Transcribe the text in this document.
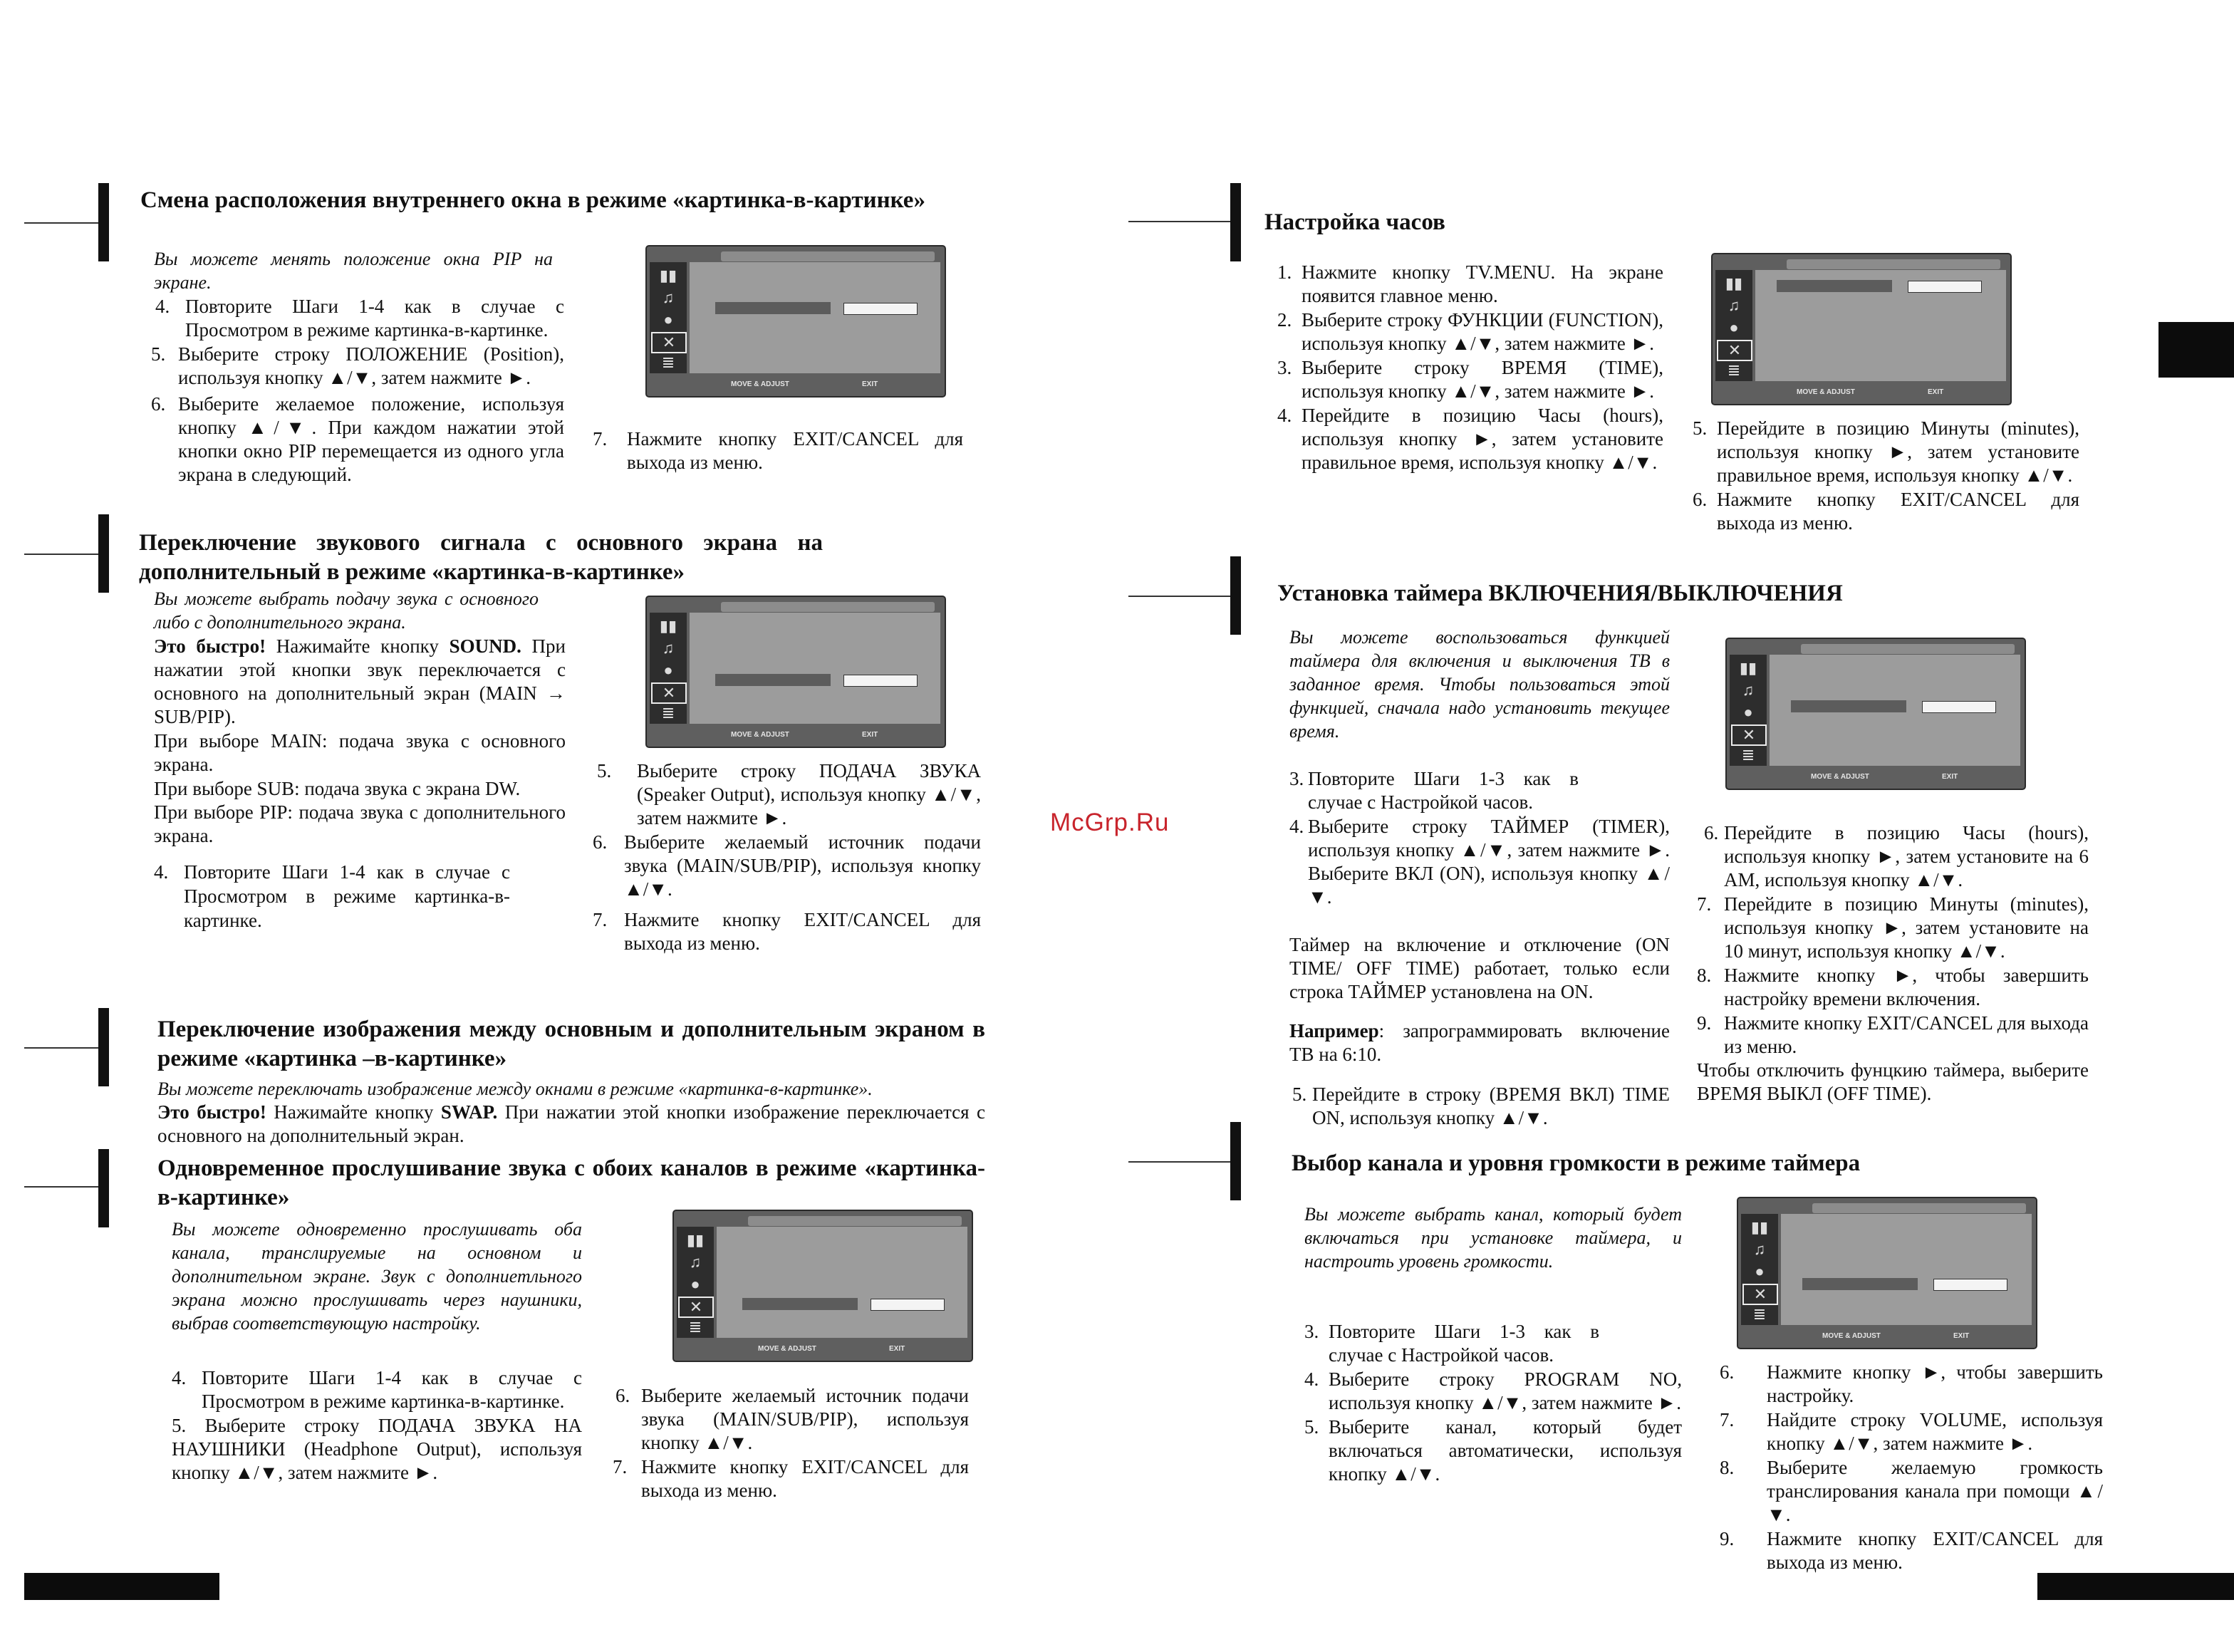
McGrp.Ru
Смена расположения внутреннего окна в режиме «картинка-в-картинке»

Вы можете менять положение окна PIP на экране.

4. Повторите Шаги 1-4 как в случае с Просмотром в режиме картинка-в-картинке.
5. Выберите строку ПОЛОЖЕНИЕ (Position), используя кнопку ▲/▼, затем нажмите ►.
6. Выберите желаемое положение, используя кнопку ▲/▼. При каждом нажатии этой кнопки окно PIP перемещается из одного угла экрана в следующий.
▮▮
♫
●
✕
≣
MOVE & ADJUST	EXIT
7. Нажмите кнопку EXIT/CANCEL для выхода из меню.
Переключение звукового сигнала с основного экрана на дополнительный в режиме «картинка-в-картинке»

Вы можете выбрать подачу звука с основного либо с дополнительного экрана.

Это быстро! Нажимайте кнопку SOUND. При нажатии этой кнопки звук переключается с основного на дополнительный экран (MAIN → SUB/PIP).

При выборе MAIN: подача звука с основного экрана.

При выборе SUB: подача звука с экрана DW.

При выборе PIP: подача звука с дополнительного экрана.

4. Повторите Шаги 1-4 как в случае с Просмотром в режиме картинка-в-картинке.
▮▮
♫
●
✕
≣
MOVE & ADJUST	EXIT
5. Выберите строку ПОДАЧА ЗВУКА (Speaker Output), используя кнопку ▲/▼, затем нажмите ►.
6. Выберите желаемый источник подачи звука (MAIN/SUB/PIP), используя кнопку ▲/▼.
7. Нажмите кнопку EXIT/CANCEL для выхода из меню.
Переключение изображения между основным и дополнительным экраном в режиме «картинка –в-картинке»

Вы можете переключать изображение между окнами в режиме «картинка-в-картинке».

Это быстро! Нажимайте кнопку SWAP. При нажатии этой кнопки изображение переключается с основного на дополнительный экран.

Одновременное прослушивание звука с обоих каналов в режиме «картинка-в-картинке»

Вы можете одновременно прослушивать оба канала, транслируемые на основном и дополнительном экране. Звук с дополниетльного экрана можно прослушивать через наушники, выбрав соответствующую настройку.

4. Повторите Шаги 1-4 как в случае с Просмотром в режиме картинка-в-картинке.
5. Выберите строку ПОДАЧА ЗВУКА НА НАУШНИКИ (Headphone Output), используя кнопку ▲/▼, затем нажмите ►.
▮▮
♫
●
✕
≣
MOVE & ADJUST	EXIT
6. Выберите желаемый источник подачи звука (MAIN/SUB/PIP), используя кнопку ▲/▼.
7. Нажмите кнопку EXIT/CANCEL для выхода из меню.
Настройка часов
1. Нажмите кнопку TV.MENU. На экране появится главное меню.
2. Выберите строку ФУНКЦИИ (FUNCTION), используя кнопку ▲/▼, затем нажмите ►.
3. Выберите строку ВРЕМЯ (TIME), используя кнопку ▲/▼, затем нажмите ►.
4. Перейдите в позицию Часы (hours), используя кнопку ►, затем установите правильное время, используя кнопку ▲/▼.
▮▮
♫
●
✕
≣
MOVE & ADJUST	EXIT
5. Перейдите в позицию Минуты (minutes), используя кнопку ►, затем установите правильное время, используя кнопку ▲/▼.
6. Нажмите кнопку EXIT/CANCEL для выхода из меню.
Установка таймера ВКЛЮЧЕНИЯ/ВЫКЛЮЧЕНИЯ

Вы можете воспользоваться функцией таймера для включения и выключения ТВ в заданное время. Чтобы пользоваться этой функцией, сначала надо установить текущее время.

▮▮
♫
●
✕
≣
MOVE & ADJUST	EXIT
3. Повторите Шаги 1-3 как в случае с Настройкой часов.
4. Выберите строку ТАЙМЕР (TIMER), используя кнопку ▲/▼, затем нажмите ►. Выберите ВКЛ (ON), используя кнопку ▲/▼.

Таймер на включение и отключение (ON TIME/ OFF TIME) работает, только если строка ТАЙМЕР установлена на ON.

Например: запрограммировать включение ТВ на 6:10.

5. Перейдите в строку (ВРЕМЯ ВКЛ) TIME ON, используя кнопку ▲/▼.
6. Перейдите в позицию Часы (hours), используя кнопку ►, затем установите на 6 AM, используя кнопку ▲/▼.
7. Перейдите в позицию Минуты (minutes), используя кнопку ►, затем установите на 10 минут, используя кнопку ▲/▼.
8. Нажмите кнопку ►, чтобы завершить настройку времени включения.
9. Нажмите кнопку EXIT/CANCEL для выхода из меню.

Чтобы отключить фунцкию таймера, выберите ВРЕМЯ ВЫКЛ (OFF TIME).

Выбор канала и уровня громкости в режиме таймера

Вы можете выбрать канал, который будет включаться при установке таймера, и настроить уровень громкости.

▮▮
♫
●
✕
≣
MOVE & ADJUST	EXIT
3. Повторите Шаги 1-3 как в случае с Настройкой часов.
4. Выберите строку PROGRAM NO, используя кнопку ▲/▼, затем нажмите ►.
5. Выберите канал, который будет включаться автоматически, используя кнопку ▲/▼.
6. Нажмите кнопку ►, чтобы завершить настройку.
7. Найдите строку VOLUME, используя кнопку ▲/▼, затем нажмите ►.
8. Выберите желаемую громкость транслирования канала при помощи ▲/▼.
9. Нажмите кнопку EXIT/CANCEL для выхода из меню.
